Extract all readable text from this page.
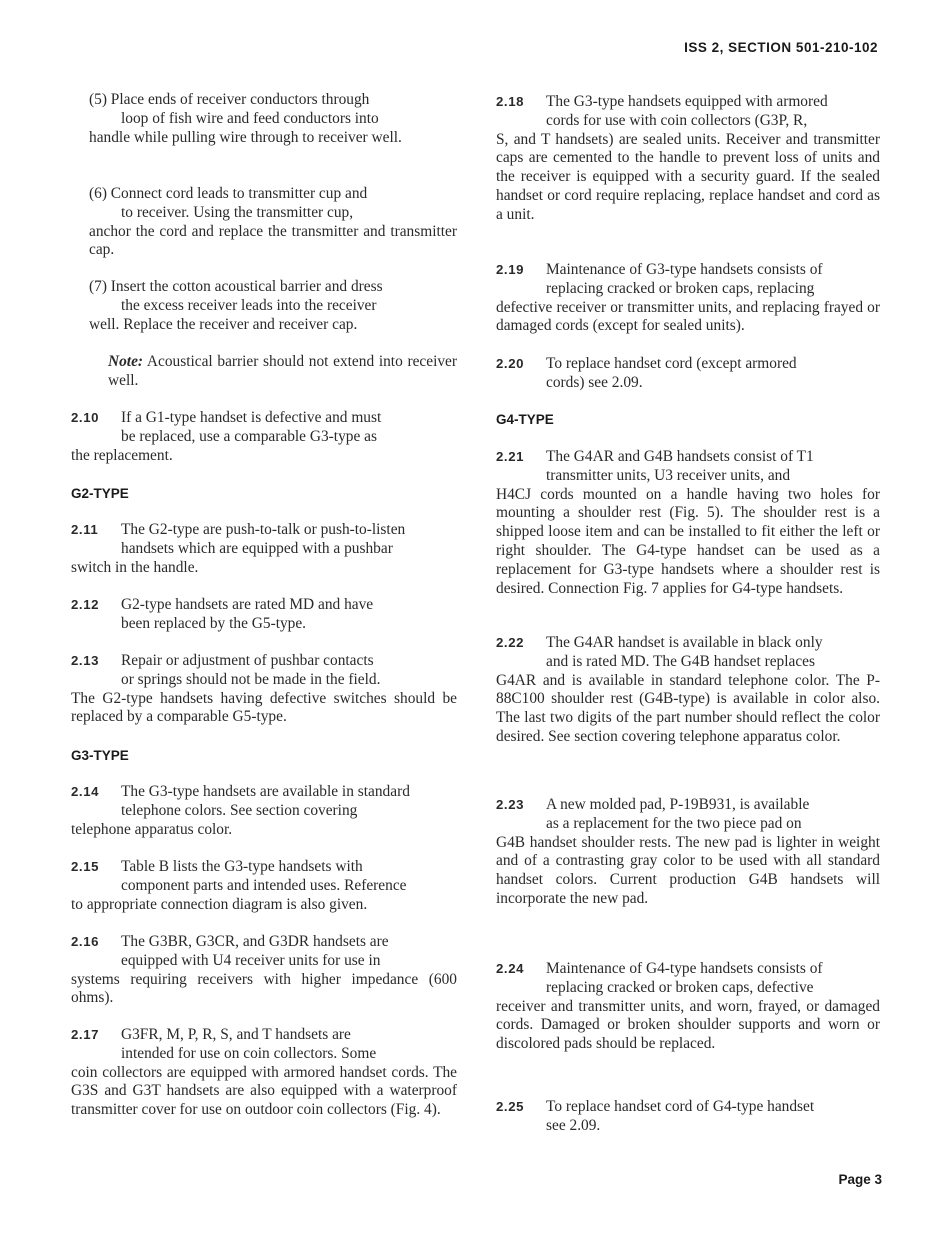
ISS 2, SECTION 501-210-102
(5) Place ends of receiver conductors through
loop of fish wire and feed conductors into
handle while pulling wire through to receiver well.
(6) Connect cord leads to transmitter cup and
to receiver. Using the transmitter cup,
anchor the cord and replace the transmitter and transmitter cap.
(7) Insert the cotton acoustical barrier and dress
the excess receiver leads into the receiver
well. Replace the receiver and receiver cap.
Note: Acoustical barrier should not extend into receiver well.
2.10 If a G1-type handset is defective and must
be replaced, use a comparable G3-type as
the replacement.
G2-TYPE
2.11 The G2-type are push-to-talk or push-to-listen
handsets which are equipped with a pushbar
switch in the handle.
2.12 G2-type handsets are rated MD and have
been replaced by the G5-type.
2.13 Repair or adjustment of pushbar contacts
or springs should not be made in the field.
The G2-type handsets having defective switches should be replaced by a comparable G5-type.
G3-TYPE
2.14 The G3-type handsets are available in standard
telephone colors. See section covering
telephone apparatus color.
2.15 Table B lists the G3-type handsets with
component parts and intended uses. Reference
to appropriate connection diagram is also given.
2.16 The G3BR, G3CR, and G3DR handsets are
equipped with U4 receiver units for use in
systems requiring receivers with higher impedance (600 ohms).
2.17 G3FR, M, P, R, S, and T handsets are
intended for use on coin collectors. Some
coin collectors are equipped with armored handset cords. The G3S and G3T handsets are also equipped with a waterproof transmitter cover for use on outdoor coin collectors (Fig. 4).
2.18 The G3-type handsets equipped with armored
cords for use with coin collectors (G3P, R,
S, and T handsets) are sealed units. Receiver and transmitter caps are cemented to the handle to prevent loss of units and the receiver is equipped with a security guard. If the sealed handset or cord require replacing, replace handset and cord as a unit.
2.19 Maintenance of G3-type handsets consists of
replacing cracked or broken caps, replacing
defective receiver or transmitter units, and replacing frayed or damaged cords (except for sealed units).
2.20 To replace handset cord (except armored
cords) see 2.09.
G4-TYPE
2.21 The G4AR and G4B handsets consist of T1
transmitter units, U3 receiver units, and
H4CJ cords mounted on a handle having two holes for mounting a shoulder rest (Fig. 5). The shoulder rest is a shipped loose item and can be installed to fit either the left or right shoulder. The G4-type handset can be used as a replacement for G3-type handsets where a shoulder rest is desired. Connection Fig. 7 applies for G4-type handsets.
2.22 The G4AR handset is available in black only
and is rated MD. The G4B handset replaces
G4AR and is available in standard telephone color. The P-88C100 shoulder rest (G4B-type) is available in color also. The last two digits of the part number should reflect the color desired. See section covering telephone apparatus color.
2.23 A new molded pad, P-19B931, is available
as a replacement for the two piece pad on
G4B handset shoulder rests. The new pad is lighter in weight and of a contrasting gray color to be used with all standard handset colors. Current production G4B handsets will incorporate the new pad.
2.24 Maintenance of G4-type handsets consists of
replacing cracked or broken caps, defective
receiver and transmitter units, and worn, frayed, or damaged cords. Damaged or broken shoulder supports and worn or discolored pads should be replaced.
2.25 To replace handset cord of G4-type handset
see 2.09.
Page 3
